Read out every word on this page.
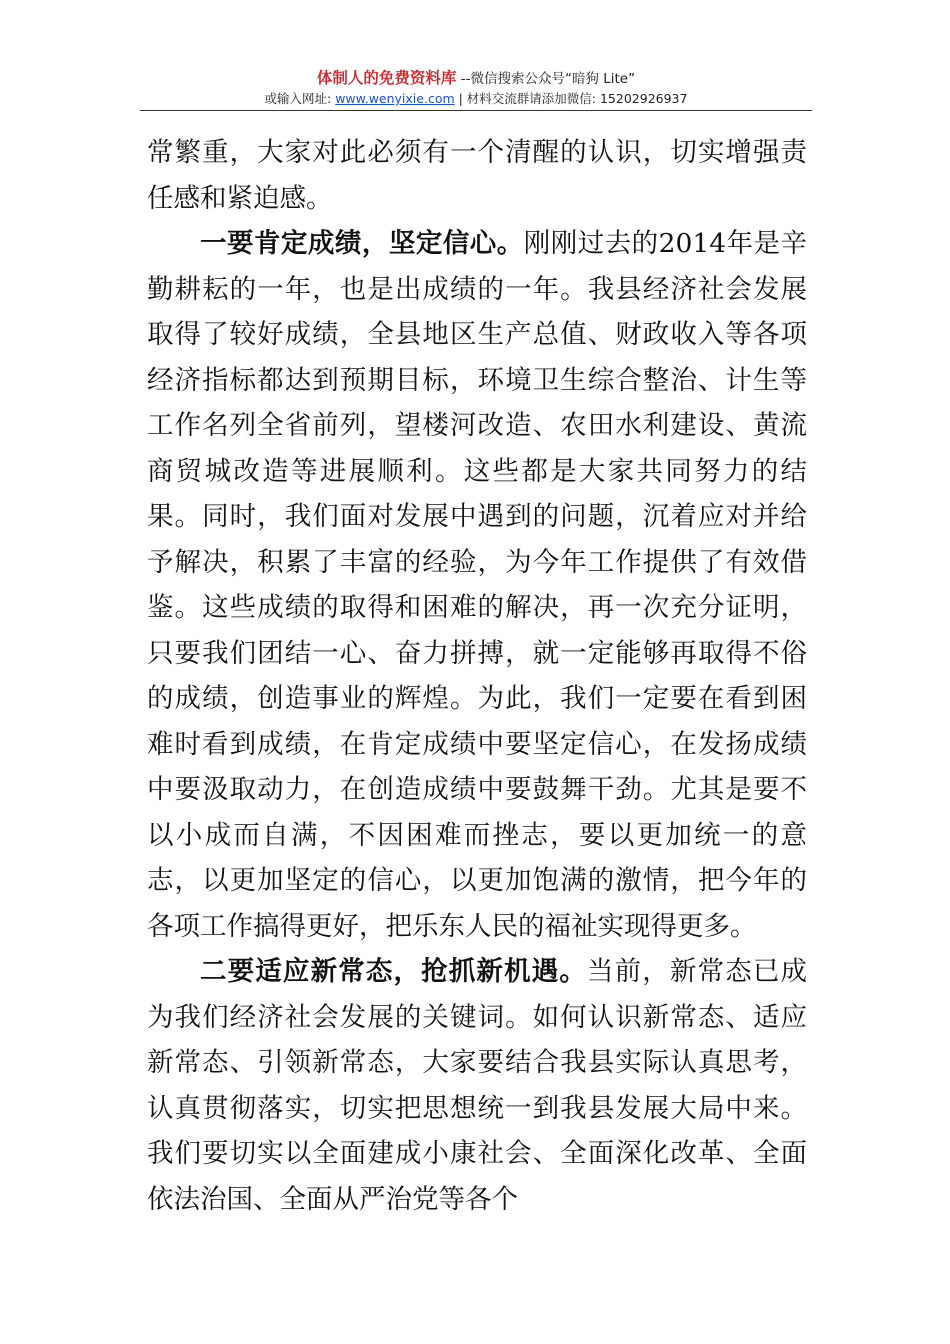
体制人的免费资料库 --微信搜索公众号“暗狗 Lite”
或输入网址: www.wenyixie.com | 材料交流群请添加微信: 15202926937

常繁重，大家对此必须有一个清醒的认识，切实增强责任感和紧迫感。

一要肯定成绩，坚定信心。刚刚过去的2014年是辛勤耕耘的一年，也是出成绩的一年。我县经济社会发展取得了较好成绩，全县地区生产总值、财政收入等各项经济指标都达到预期目标，环境卫生综合整治、计生等工作名列全省前列，望楼河改造、农田水利建设、黄流商贸城改造等进展顺利。这些都是大家共同努力的结果。同时，我们面对发展中遇到的问题，沉着应对并给予解决，积累了丰富的经验，为今年工作提供了有效借鉴。这些成绩的取得和困难的解决，再一次充分证明，只要我们团结一心、奋力拼搏，就一定能够再取得不俗的成绩，创造事业的辉煌。为此，我们一定要在看到困难时看到成绩，在肯定成绩中要坚定信心，在发扬成绩中要汲取动力，在创造成绩中要鼓舞干劲。尤其是要不以小成而自满，不因困难而挫志，要以更加统一的意志，以更加坚定的信心，以更加饱满的激情，把今年的各项工作搞得更好，把乐东人民的福祉实现得更多。

二要适应新常态，抢抓新机遇。当前，新常态已成为我们经济社会发展的关键词。如何认识新常态、适应新常态、引领新常态，大家要结合我县实际认真思考，认真贯彻落实，切实把思想统一到我县发展大局中来。我们要切实以全面建成小康社会、全面深化改革、全面依法治国、全面从严治党等各个
